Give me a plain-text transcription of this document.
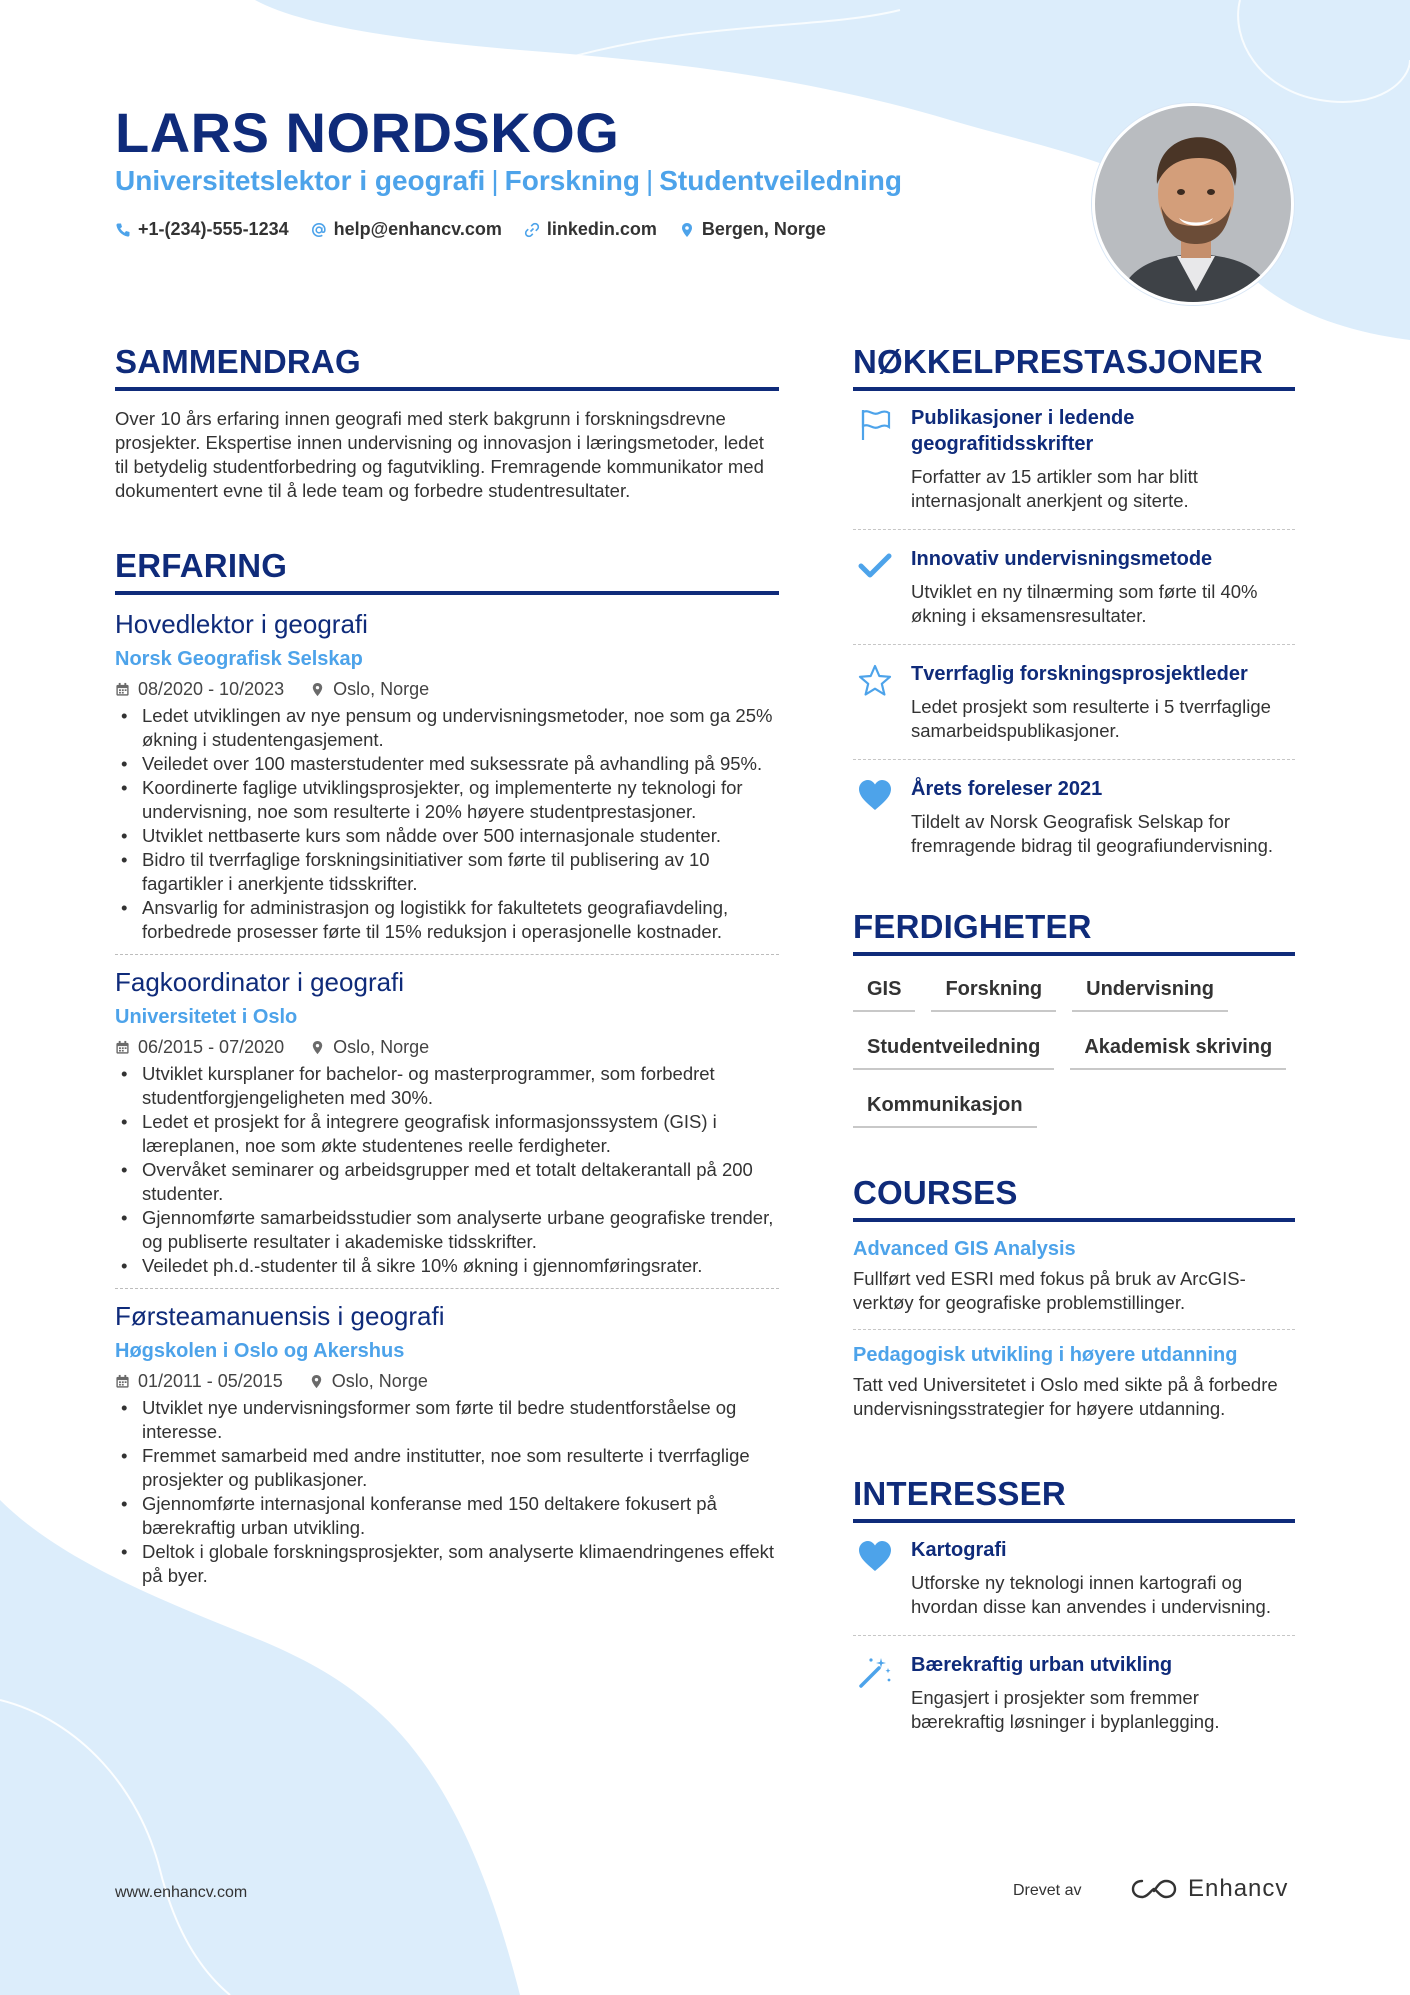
LARS NORDSKOG
Universitetslektor i geografi | Forskning | Studentveiledning
+1-(234)-555-1234	help@enhancv.com	linkedin.com	Bergen, Norge
SAMMENDRAG

Over 10 års erfaring innen geografi med sterk bakgrunn i forskningsdrevne prosjekter. Ekspertise innen undervisning og innovasjon i læringsmetoder, ledet til betydelig studentforbedring og fagutvikling. Fremragende kommunikator med dokumentert evne til å lede team og forbedre studentresultater.

ERFARING
Hovedlektor i geografi
Norsk Geografisk Selskap
08/2020 - 10/2023	Oslo, Norge
• Ledet utviklingen av nye pensum og undervisningsmetoder, noe som ga 25% økning i studentengasjement.
• Veiledet over 100 masterstudenter med suksessrate på avhandling på 95%.
• Koordinerte faglige utviklingsprosjekter, og implementerte ny teknologi for undervisning, noe som resulterte i 20% høyere studentprestasjoner.
• Utviklet nettbaserte kurs som nådde over 500 internasjonale studenter.
• Bidro til tverrfaglige forskningsinitiativer som førte til publisering av 10 fagartikler i anerkjente tidsskrifter.
• Ansvarlig for administrasjon og logistikk for fakultetets geografiavdeling, forbedrede prosesser førte til 15% reduksjon i operasjonelle kostnader.
Fagkoordinator i geografi
Universitetet i Oslo
06/2015 - 07/2020	Oslo, Norge
• Utviklet kursplaner for bachelor- og masterprogrammer, som forbedret studentforgjengeligheten med 30%.
• Ledet et prosjekt for å integrere geografisk informasjonssystem (GIS) i læreplanen, noe som økte studentenes reelle ferdigheter.
• Overvåket seminarer og arbeidsgrupper med et totalt deltakerantall på 200 studenter.
• Gjennomførte samarbeidsstudier som analyserte urbane geografiske trender, og publiserte resultater i akademiske tidsskrifter.
• Veiledet ph.d.-studenter til å sikre 10% økning i gjennomføringsrater.
Førsteamanuensis i geografi
Høgskolen i Oslo og Akershus
01/2011 - 05/2015	Oslo, Norge
• Utviklet nye undervisningsformer som førte til bedre studentforståelse og interesse.
• Fremmet samarbeid med andre institutter, noe som resulterte i tverrfaglige prosjekter og publikasjoner.
• Gjennomførte internasjonal konferanse med 150 deltakere fokusert på bærekraftig urban utvikling.
• Deltok i globale forskningsprosjekter, som analyserte klimaendringenes effekt på byer.
NØKKELPRESTASJONER
Publikasjoner i ledende geografitidsskrifter
Forfatter av 15 artikler som har blitt internasjonalt anerkjent og siterte.
Innovativ undervisningsmetode
Utviklet en ny tilnærming som førte til 40% økning i eksamensresultater.
Tverrfaglig forskningsprosjektleder
Ledet prosjekt som resulterte i 5 tverrfaglige samarbeidspublikasjoner.
Årets foreleser 2021
Tildelt av Norsk Geografisk Selskap for fremragende bidrag til geografiundervisning.
FERDIGHETER
GIS	Forskning	Undervisning
Studentveiledning	Akademisk skriving
Kommunikasjon
COURSES
Advanced GIS Analysis
Fullført ved ESRI med fokus på bruk av ArcGIS-verktøy for geografiske problemstillinger.
Pedagogisk utvikling i høyere utdanning
Tatt ved Universitetet i Oslo med sikte på å forbedre undervisningsstrategier for høyere utdanning.
INTERESSER
Kartografi
Utforske ny teknologi innen kartografi og hvordan disse kan anvendes i undervisning.
Bærekraftig urban utvikling
Engasjert i prosjekter som fremmer bærekraftig løsninger i byplanlegging.
www.enhancv.com	Drevet av	Enhancv
